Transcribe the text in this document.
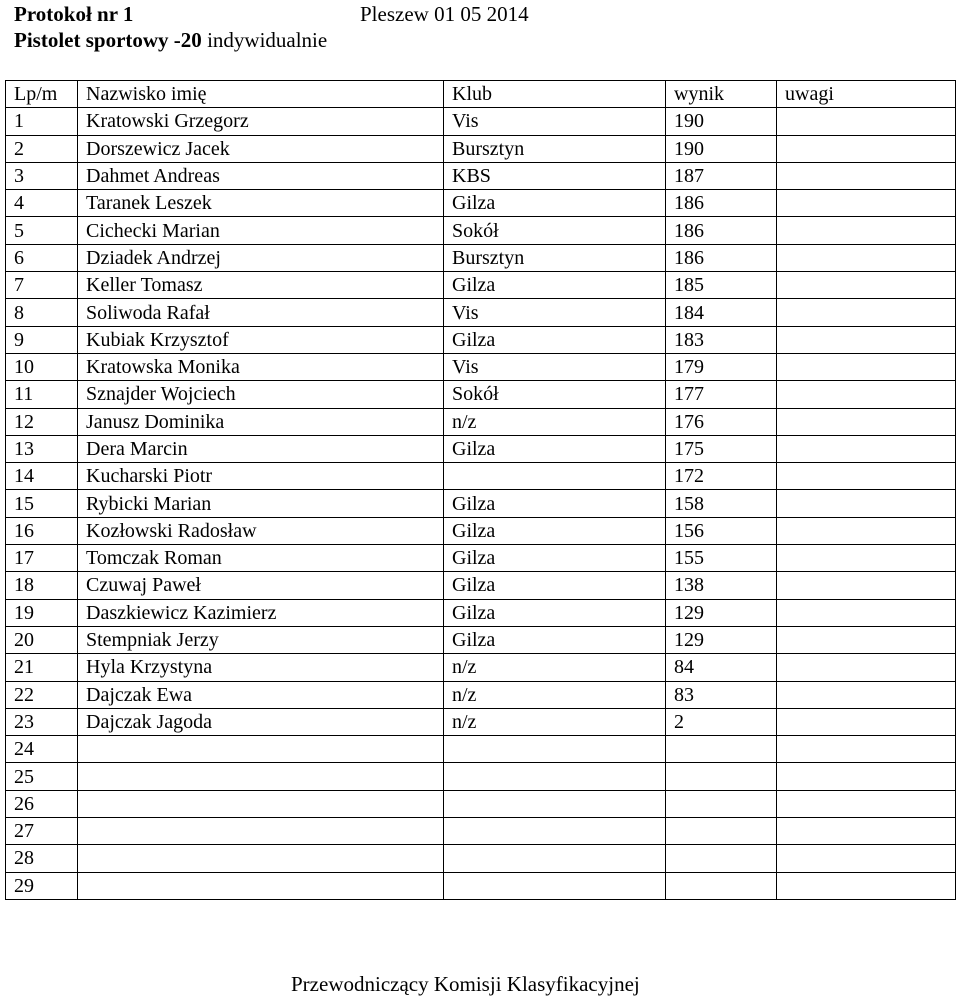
Protokoł nr 1	Pleszew 01 05 2014
Pistolet sportowy -20 indywidualnie
Lp/m	Nazwisko imię	Klub	wynik	uwagi
1	Kratowski Grzegorz	Vis	190	
2	Dorszewicz Jacek	Bursztyn	190	
3	Dahmet Andreas	KBS	187	
4	Taranek Leszek	Gilza	186	
5	Cichecki Marian	Sokół	186	
6	Dziadek Andrzej	Bursztyn	186	
7	Keller Tomasz	Gilza	185	
8	Soliwoda Rafał	Vis	184	
9	Kubiak Krzysztof	Gilza	183	
10	Kratowska Monika	Vis	179	
11	Sznajder Wojciech	Sokół	177	
12	Janusz Dominika	n/z	176	
13	Dera Marcin	Gilza	175	
14	Kucharski Piotr		172	
15	Rybicki Marian	Gilza	158	
16	Kozłowski Radosław	Gilza	156	
17	Tomczak Roman	Gilza	155	
18	Czuwaj Paweł	Gilza	138	
19	Daszkiewicz Kazimierz	Gilza	129	
20	Stempniak Jerzy	Gilza	129	
21	Hyla Krzystyna	n/z	84	
22	Dajczak Ewa	n/z	83	
23	Dajczak Jagoda	n/z	2	
24				
25				
26				
27				
28				
29				
Przewodniczący Komisji Klasyfikacyjnej
